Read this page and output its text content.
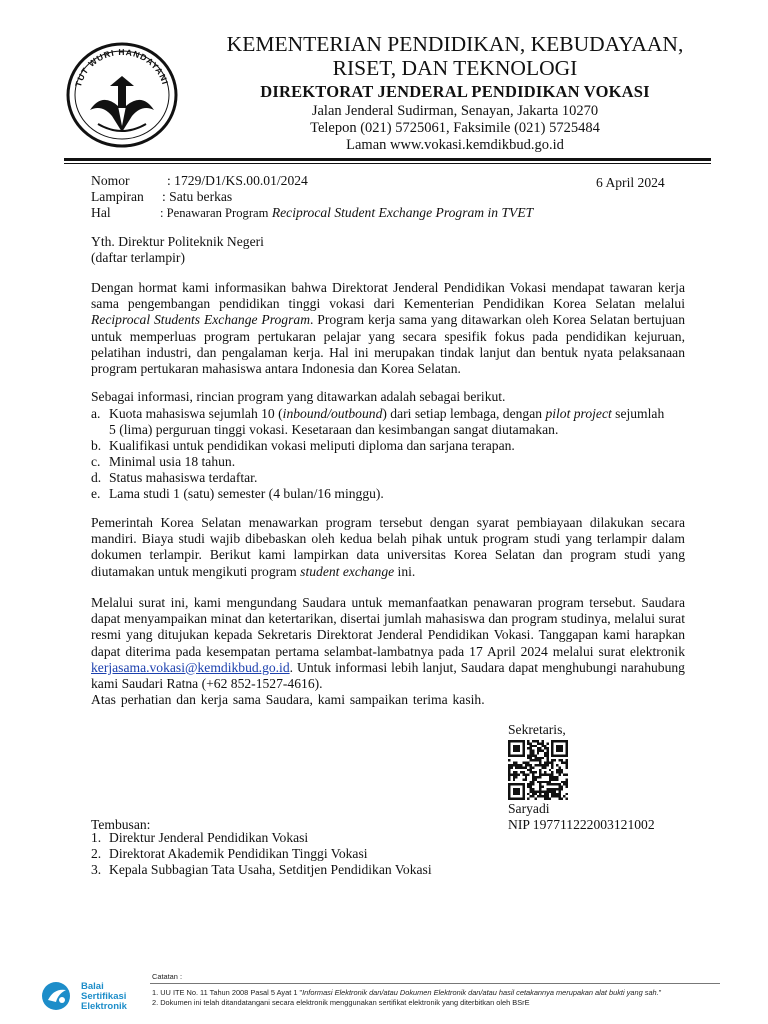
TUT WURI HANDAYANI
KEMENTERIAN PENDIDIKAN, KEBUDAYAAN,
RISET, DAN TEKNOLOGI
DIREKTORAT JENDERAL PENDIDIKAN VOKASI
Jalan Jenderal Sudirman, Senayan, Jakarta 10270
Telepon (021) 5725061, Faksimile (021) 5725484
Laman www.vokasi.kemdikbud.go.id
Nomor	: 1729/D1/KS.00.01/2024	6 April 2024
Lampiran : Satu berkas
Hal	: Penawaran Program Reciprocal Student Exchange Program in TVET
Yth. Direktur Politeknik Negeri
(daftar terlampir)
Dengan hormat kami informasikan bahwa Direktorat Jenderal Pendidikan Vokasi mendapat tawaran kerja sama pengembangan pendidikan tinggi vokasi dari Kementerian Pendidikan Korea Selatan melalui Reciprocal Students Exchange Program. Program kerja sama yang ditawarkan oleh Korea Selatan bertujuan untuk memperluas program pertukaran pelajar yang secara spesifik fokus pada pendidikan kejuruan, pelatihan industri, dan pengalaman kerja. Hal ini merupakan tindak lanjut dan bentuk nyata pelaksanaan program pertukaran mahasiswa antara Indonesia dan Korea Selatan.
Sebagai informasi, rincian program yang ditawarkan adalah sebagai berikut.
a. Kuota mahasiswa sejumlah 10 (inbound/outbound) dari setiap lembaga, dengan pilot project sejumlah
5 (lima) perguruan tinggi vokasi. Kesetaraan dan kesimbangan sangat diutamakan.
b. Kualifikasi untuk pendidikan vokasi meliputi diploma dan sarjana terapan.
c. Minimal usia 18 tahun.
d. Status mahasiswa terdaftar.
e. Lama studi 1 (satu) semester (4 bulan/16 minggu).
Pemerintah Korea Selatan menawarkan program tersebut dengan syarat pembiayaan dilakukan secara mandiri. Biaya studi wajib dibebaskan oleh kedua belah pihak untuk program studi yang terlampir dalam dokumen terlampir. Berikut kami lampirkan data universitas Korea Selatan dan program studi yang diutamakan untuk mengikuti program student exchange ini.
Melalui surat ini, kami mengundang Saudara untuk memanfaatkan penawaran program tersebut. Saudara dapat menyampaikan minat dan ketertarikan, disertai jumlah mahasiswa dan program studinya, melalui surat resmi yang ditujukan kepada Sekretaris Direktorat Jenderal Pendidikan Vokasi. Tanggapan kami harapkan dapat diterima pada kesempatan pertama selambat-lambatnya pada 17 April 2024 melalui surat elektronik kerjasama.vokasi@kemdikbud.go.id. Untuk informasi lebih lanjut, Saudara dapat menghubungi narahubung kami Saudari Ratna (+62 852-1527-4616).
Atas perhatian dan kerja sama Saudara, kami sampaikan terima kasih.
Sekretaris,
Saryadi
NIP 197711222003121002
Tembusan:
1. Direktur Jenderal Pendidikan Vokasi
2. Direktorat Akademik Pendidikan Tinggi Vokasi
3. Kepala Subbagian Tata Usaha, Setditjen Pendidikan Vokasi
Balai
Sertifikasi
Elektronik
Catatan :
1. UU ITE No. 11 Tahun 2008 Pasal 5 Ayat 1 "Informasi Elektronik dan/atau Dokumen Elektronik dan/atau hasil cetakannya merupakan alat bukti yang sah."
2. Dokumen ini telah ditandatangani secara elektronik menggunakan sertifikat elektronik yang diterbitkan oleh BSrE
